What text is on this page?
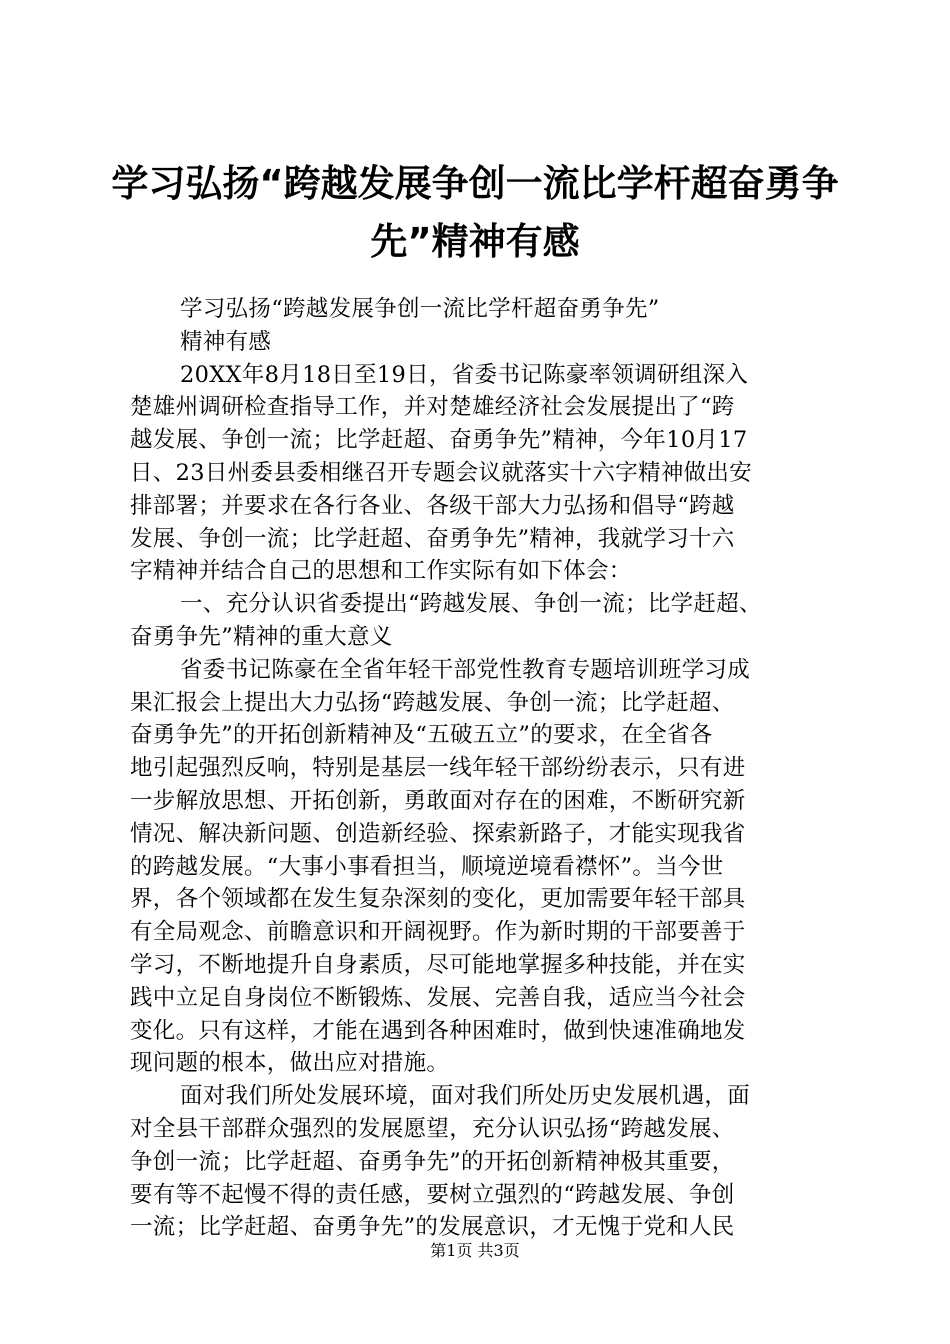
学习弘扬“跨越发展争创一流比学杆超奋勇争
先”精神有感
学习弘扬“跨越发展争创一流比学杆超奋勇争先”
精神有感
20XX年8月18日至19日，省委书记陈豪率领调研组深入
楚雄州调研检查指导工作，并对楚雄经济社会发展提出了“跨
越发展、争创一流；比学赶超、奋勇争先”精神，今年10月17
日、23日州委县委相继召开专题会议就落实十六字精神做出安
排部署；并要求在各行各业、各级干部大力弘扬和倡导“跨越
发展、争创一流；比学赶超、奋勇争先”精神，我就学习十六
字精神并结合自己的思想和工作实际有如下体会：
一、充分认识省委提出“跨越发展、争创一流；比学赶超、
奋勇争先”精神的重大意义
省委书记陈豪在全省年轻干部党性教育专题培训班学习成
果汇报会上提出大力弘扬“跨越发展、争创一流；比学赶超、
奋勇争先”的开拓创新精神及“五破五立”的要求，在全省各
地引起强烈反响，特别是基层一线年轻干部纷纷表示，只有进
一步解放思想、开拓创新，勇敢面对存在的困难，不断研究新
情况、解决新问题、创造新经验、探索新路子，才能实现我省
的跨越发展。“大事小事看担当，顺境逆境看襟怀”。当今世
界，各个领域都在发生复杂深刻的变化，更加需要年轻干部具
有全局观念、前瞻意识和开阔视野。作为新时期的干部要善于
学习，不断地提升自身素质，尽可能地掌握多种技能，并在实
践中立足自身岗位不断锻炼、发展、完善自我，适应当今社会
变化。只有这样，才能在遇到各种困难时，做到快速准确地发
现问题的根本，做出应对措施。
面对我们所处发展环境，面对我们所处历史发展机遇，面
对全县干部群众强烈的发展愿望，充分认识弘扬“跨越发展、
争创一流；比学赶超、奋勇争先”的开拓创新精神极其重要，
要有等不起慢不得的责任感，要树立强烈的“跨越发展、争创
一流；比学赶超、奋勇争先”的发展意识，才无愧于党和人民
第1页 共3页
